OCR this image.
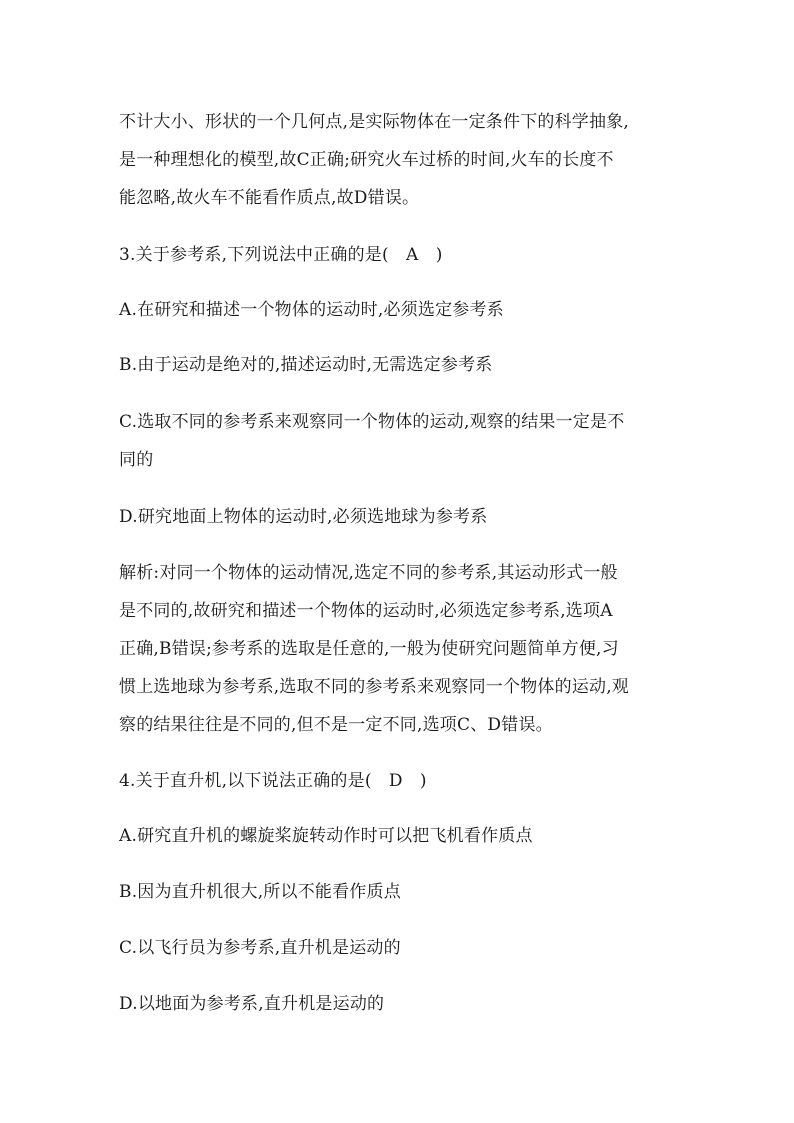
不计大小、形状的一个几何点,是实际物体在一定条件下的科学抽象,
是一种理想化的模型,故C正确;研究火车过桥的时间,火车的长度不
能忽略,故火车不能看作质点,故D错误。
3.关于参考系,下列说法中正确的是(　A　)
A.在研究和描述一个物体的运动时,必须选定参考系
B.由于运动是绝对的,描述运动时,无需选定参考系
C.选取不同的参考系来观察同一个物体的运动,观察的结果一定是不
同的
D.研究地面上物体的运动时,必须选地球为参考系
解析:对同一个物体的运动情况,选定不同的参考系,其运动形式一般
是不同的,故研究和描述一个物体的运动时,必须选定参考系,选项A
正确,B错误;参考系的选取是任意的,一般为使研究问题简单方便,习
惯上选地球为参考系,选取不同的参考系来观察同一个物体的运动,观
察的结果往往是不同的,但不是一定不同,选项C、D错误。
4.关于直升机,以下说法正确的是(　D　)
A.研究直升机的螺旋桨旋转动作时可以把飞机看作质点
B.因为直升机很大,所以不能看作质点
C.以飞行员为参考系,直升机是运动的
D.以地面为参考系,直升机是运动的
